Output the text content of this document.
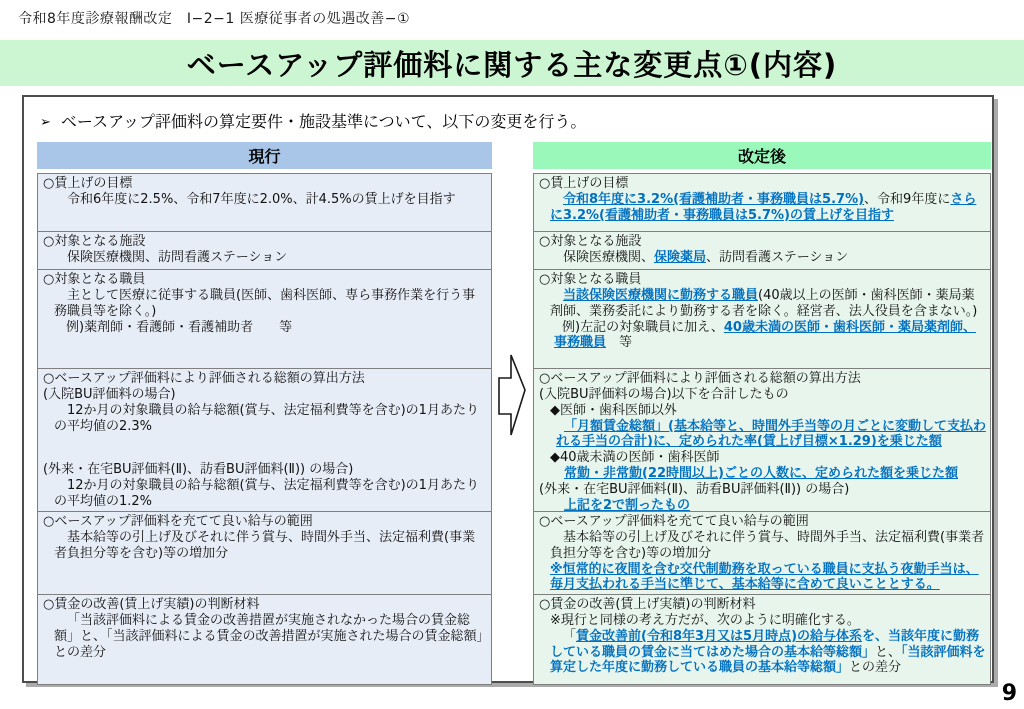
令和8年度診療報酬改定　Ⅰ−2−1 医療従事者の処遇改善−①
ベースアップ評価料に関する主な変更点①(内容)
➢ ベースアップ評価料の算定要件・施設基準について、以下の変更を行う。
現行
○賃上げの目標
令和6年度に2.5%、令和7年度に2.0%、計4.5%の賃上げを目指す
○対象となる施設
保険医療機関、訪問看護ステーション
○対象となる職員
主として医療に従事する職員(医師、歯科医師、専ら事務作業を行う事務職員等を除く。)
例)薬剤師・看護師・看護補助者　　等
○ベースアップ評価料により評価される総額の算出方法
(入院BU評価料の場合)
12か月の対象職員の給与総額(賞与、法定福利費等を含む)の1月あたりの平均値の2.3%
(外来・在宅BU評価料(Ⅱ)、訪看BU評価料(Ⅱ)) の場合)
12か月の対象職員の給与総額(賞与、法定福利費等を含む)の1月あたりの平均値の1.2%
○ベースアップ評価料を充てて良い給与の範囲
基本給等の引上げ及びそれに伴う賞与、時間外手当、法定福利費(事業者負担分等を含む)等の増加分
○賃金の改善(賃上げ実績)の判断材料
「当該評価料による賃金の改善措置が実施されなかった場合の賃金総額」と、「当該評価料による賃金の改善措置が実施された場合の賃金総額」との差分
改定後
○賃上げの目標
令和8年度に3.2%(看護補助者・事務職員は5.7%)、令和9年度にさらに3.2%(看護補助者・事務職員は5.7%)の賃上げを目指す
○対象となる施設
保険医療機関、保険薬局、訪問看護ステーション
○対象となる職員
当該保険医療機関に勤務する職員(40歳以上の医師・歯科医師・薬局薬剤師、業務委託により勤務する者を除く。経営者、法人役員を含まない。)
例)左記の対象職員に加え、40歳未満の医師・歯科医師・薬局薬剤師、事務職員　等
○ベースアップ評価料により評価される総額の算出方法
(入院BU評価料の場合)以下を合計したもの
◆医師・歯科医師以外
「月額賃金総額」(基本給等と、時間外手当等の月ごとに変動して支払われる手当の合計)に、定められた率(賃上げ目標×1.29)を乗じた額
◆40歳未満の医師・歯科医師
常勤・非常勤(22時間以上)ごとの人数に、定められた額を乗じた額
(外来・在宅BU評価料(Ⅱ)、訪看BU評価料(Ⅱ)) の場合)
上記を2で割ったもの
○ベースアップ評価料を充てて良い給与の範囲
基本給等の引上げ及びそれに伴う賞与、時間外手当、法定福利費(事業者負担分等を含む)等の増加分
※恒常的に夜間を含む交代制勤務を取っている職員に支払う夜勤手当は、毎月支払われる手当に準じて、基本給等に含めて良いこととする。
○賃金の改善(賃上げ実績)の判断材料
※現行と同様の考え方だが、次のように明確化する。
「賃金改善前(令和8年3月又は5月時点)の給与体系を、当該年度に勤務している職員の賃金に当てはめた場合の基本給等総額」と、「当該評価料を算定した年度に勤務している職員の基本給等総額」との差分
9
